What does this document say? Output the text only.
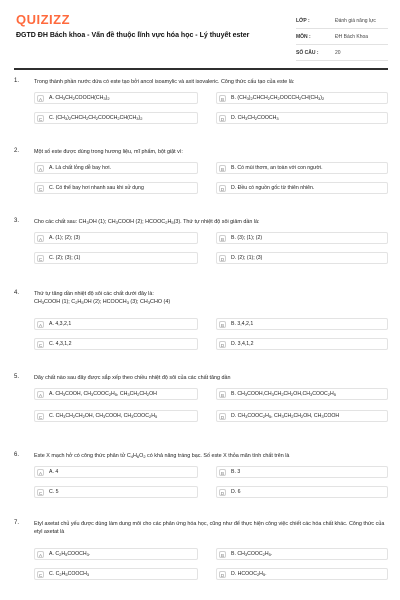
QUIZIZZ
ĐGTD ĐH Bách khoa - Vấn đề thuộc lĩnh vực hóa học - Lý thuyết ester
LỚP :	Đánh giá năng lực
MÔN :	ĐH Bách Khoa
SỐ CÂU :	20
1.	Trong thành phần nước dứa có este tạo bởi ancol isoamylic và axit isovaleric. Công thức cấu tạo của este là:
A	A. $CH_3CH_2COOCH(CH_3)_2$	B	B. $(CH_3)_2CHCH_2CH_2OOCCH_2CH(CH_3)_2$
C	C. $(CH_3)_2CHCH_2CH_2COOCH_2CH(CH_3)_2$	D	D. $CH_3CH_2COOCH_3$
2.	Một số este được dùng trong hương liệu, mĩ phẩm, bột giặt vì:
A	A. Là chất lỏng dễ bay hơi.	B	B. Có mùi thơm, an toàn với con người.
C	C. Có thể bay hơi nhanh sau khi sử dụng	D	D. Đều có nguồn gốc từ thiên nhiên.
3.	Cho các chất sau: $CH_3OH$ (1); $CH_3COOH$ (2); $HCOOC_2H_5(3)$. Thứ tự nhiệt độ sôi giảm dần là:
A	A. (1); (2); (3)	B	B. (3); (1); (2)
C	C. (2); (3); (1)	D	D. (2); (1); (3)
4.	Thứ tự tăng dần nhiệt độ sôi các chất dưới đây là:
$CH_3COOH$ (1); $C_2H_5OH$ (2); $HCOOCH_3$ (3); $CH_3CHO$ (4)
A	A. 4,3,2,1	B	B. 3,4,2,1
C	C. 4,3,1,2	D	D. 3,4,1,2
5.	Dãy chất nào sau đây được sắp xếp theo chiều nhiệt độ sôi của các chất tăng dần
A	A. $CH_3COOH$, $CH_3COOC_2H_5$, $CH_3CH_2CH_2OH$	B	B. $CH_3COOH,CH_3CH_2CH_2OH,CH_3COOC_2H_5$
C	C. $CH_3CH_2CH_2OH$, $CH_3COOH$, $CH_3COOC_2H_5$	D	D. $CH_3COOC_2H_5$, $CH_3CH_2CH_2OH$, $CH_3COOH$
6.	Este X mạch hở có công thức phân tử $C_4H_6O_2$ có khả năng tráng bạc. Số este X thỏa mãn tính chất trên là
A	A. 4	B	B. 3
C	C. 5	D	D. 6
7.	Etyl axetat chủ yếu được dùng làm dung môi cho các phản ứng hóa học, cũng như để thực hiện công việc chiết các hóa chất khác. Công thức của etyl axetat là
A	A. $C_2H_5COOCH_3$.	B	B. $CH_3COOC_2H_5$.
C	C. $C_2H_5COOCH_3$	D	D. $HCOOC_2H_5$.
